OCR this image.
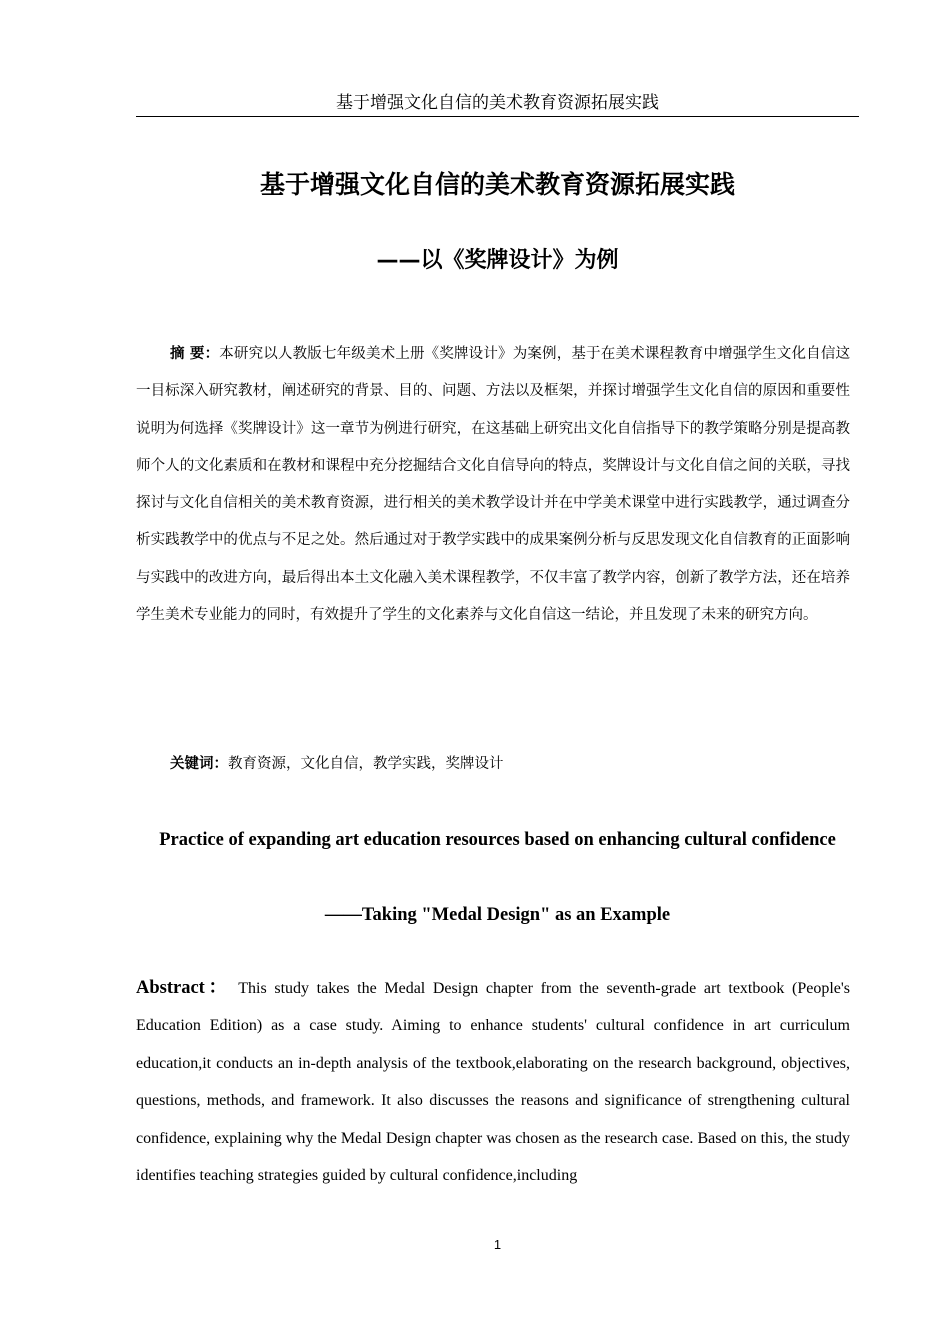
基于增强文化自信的美术教育资源拓展实践
基于增强文化自信的美术教育资源拓展实践
——以《奖牌设计》为例

摘 要：本研究以人教版七年级美术上册《奖牌设计》为案例，基于在美术课程教育中增强学生文化自信这一目标深入研究教材，阐述研究的背景、目的、问题、方法以及框架，并探讨增强学生文化自信的原因和重要性说明为何选择《奖牌设计》这一章节为例进行研究，在这基础上研究出文化自信指导下的教学策略分别是提高教师个人的文化素质和在教材和课程中充分挖掘结合文化自信导向的特点，奖牌设计与文化自信之间的关联，寻找探讨与文化自信相关的美术教育资源，进行相关的美术教学设计并在中学美术课堂中进行实践教学，通过调查分析实践教学中的优点与不足之处。然后通过对于教学实践中的成果案例分析与反思发现文化自信教育的正面影响与实践中的改进方向，最后得出本土文化融入美术课程教学，不仅丰富了教学内容，创新了教学方法，还在培养学生美术专业能力的同时，有效提升了学生的文化素养与文化自信这一结论，并且发现了未来的研究方向。

关键词：教育资源，文化自信，教学实践，奖牌设计

Practice of expanding art education resources based on enhancing cultural confidence

——Taking "Medal Design" as an Example

Abstract： This study takes the Medal Design chapter from the seventh-grade art textbook (People's Education Edition) as a case study. Aiming to enhance students' cultural confidence in art curriculum education,it conducts an in-depth analysis of the textbook,elaborating on the research background, objectives, questions, methods, and framework. It also discusses the reasons and significance of strengthening cultural confidence, explaining why the Medal Design chapter was chosen as the research case. Based on this, the study identifies teaching strategies guided by cultural confidence,including

1
